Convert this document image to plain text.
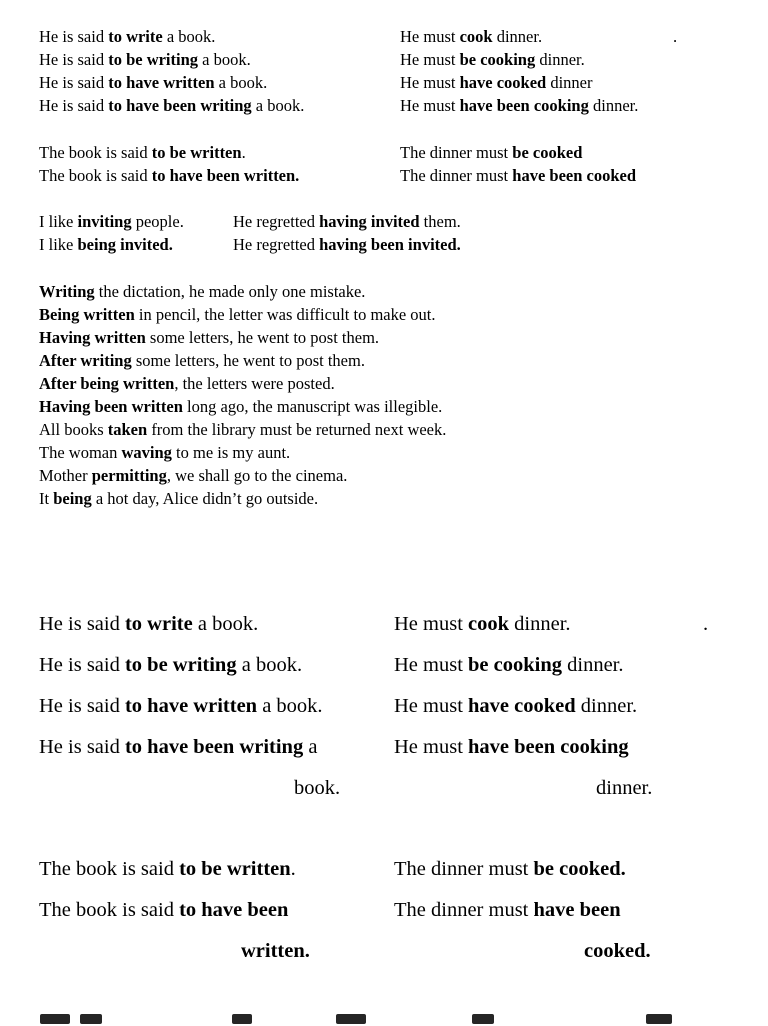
He is said to write a book.
He is said to be writing a book.
He is said to have written a book.
He is said to have been writing a book.
He must cook dinner.	.
He must be cooking dinner.
He must have cooked dinner
He must have been cooking dinner.
The book is said to be written.
The book is said to have been written.
The dinner must be cooked
The dinner must have been cooked
I like inviting people.
I like being invited.
He regretted having invited them.
He regretted having been invited.
Writing the dictation, he made only one mistake.
Being written in pencil, the letter was difficult to make out.
Having written some letters, he went to post them.
After writing some letters, he went to post them.
After being written, the letters were posted.
Having been written long ago, the manuscript was illegible.
All books taken from the library must be returned next week.
The woman waving to me is my aunt.
Mother permitting, we shall go to the cinema.
It being a hot day, Alice didn’t go outside.
He is said to write a book.
He is said to be writing a book.
He is said to have written a book.
He is said to have been writing a
book.
He must cook dinner.	.
He must be cooking dinner.
He must have cooked dinner.
He must have been cooking
dinner.
The book is said to be written.
The book is said to have been
written.
The dinner must be cooked.
The dinner must have been
cooked.
